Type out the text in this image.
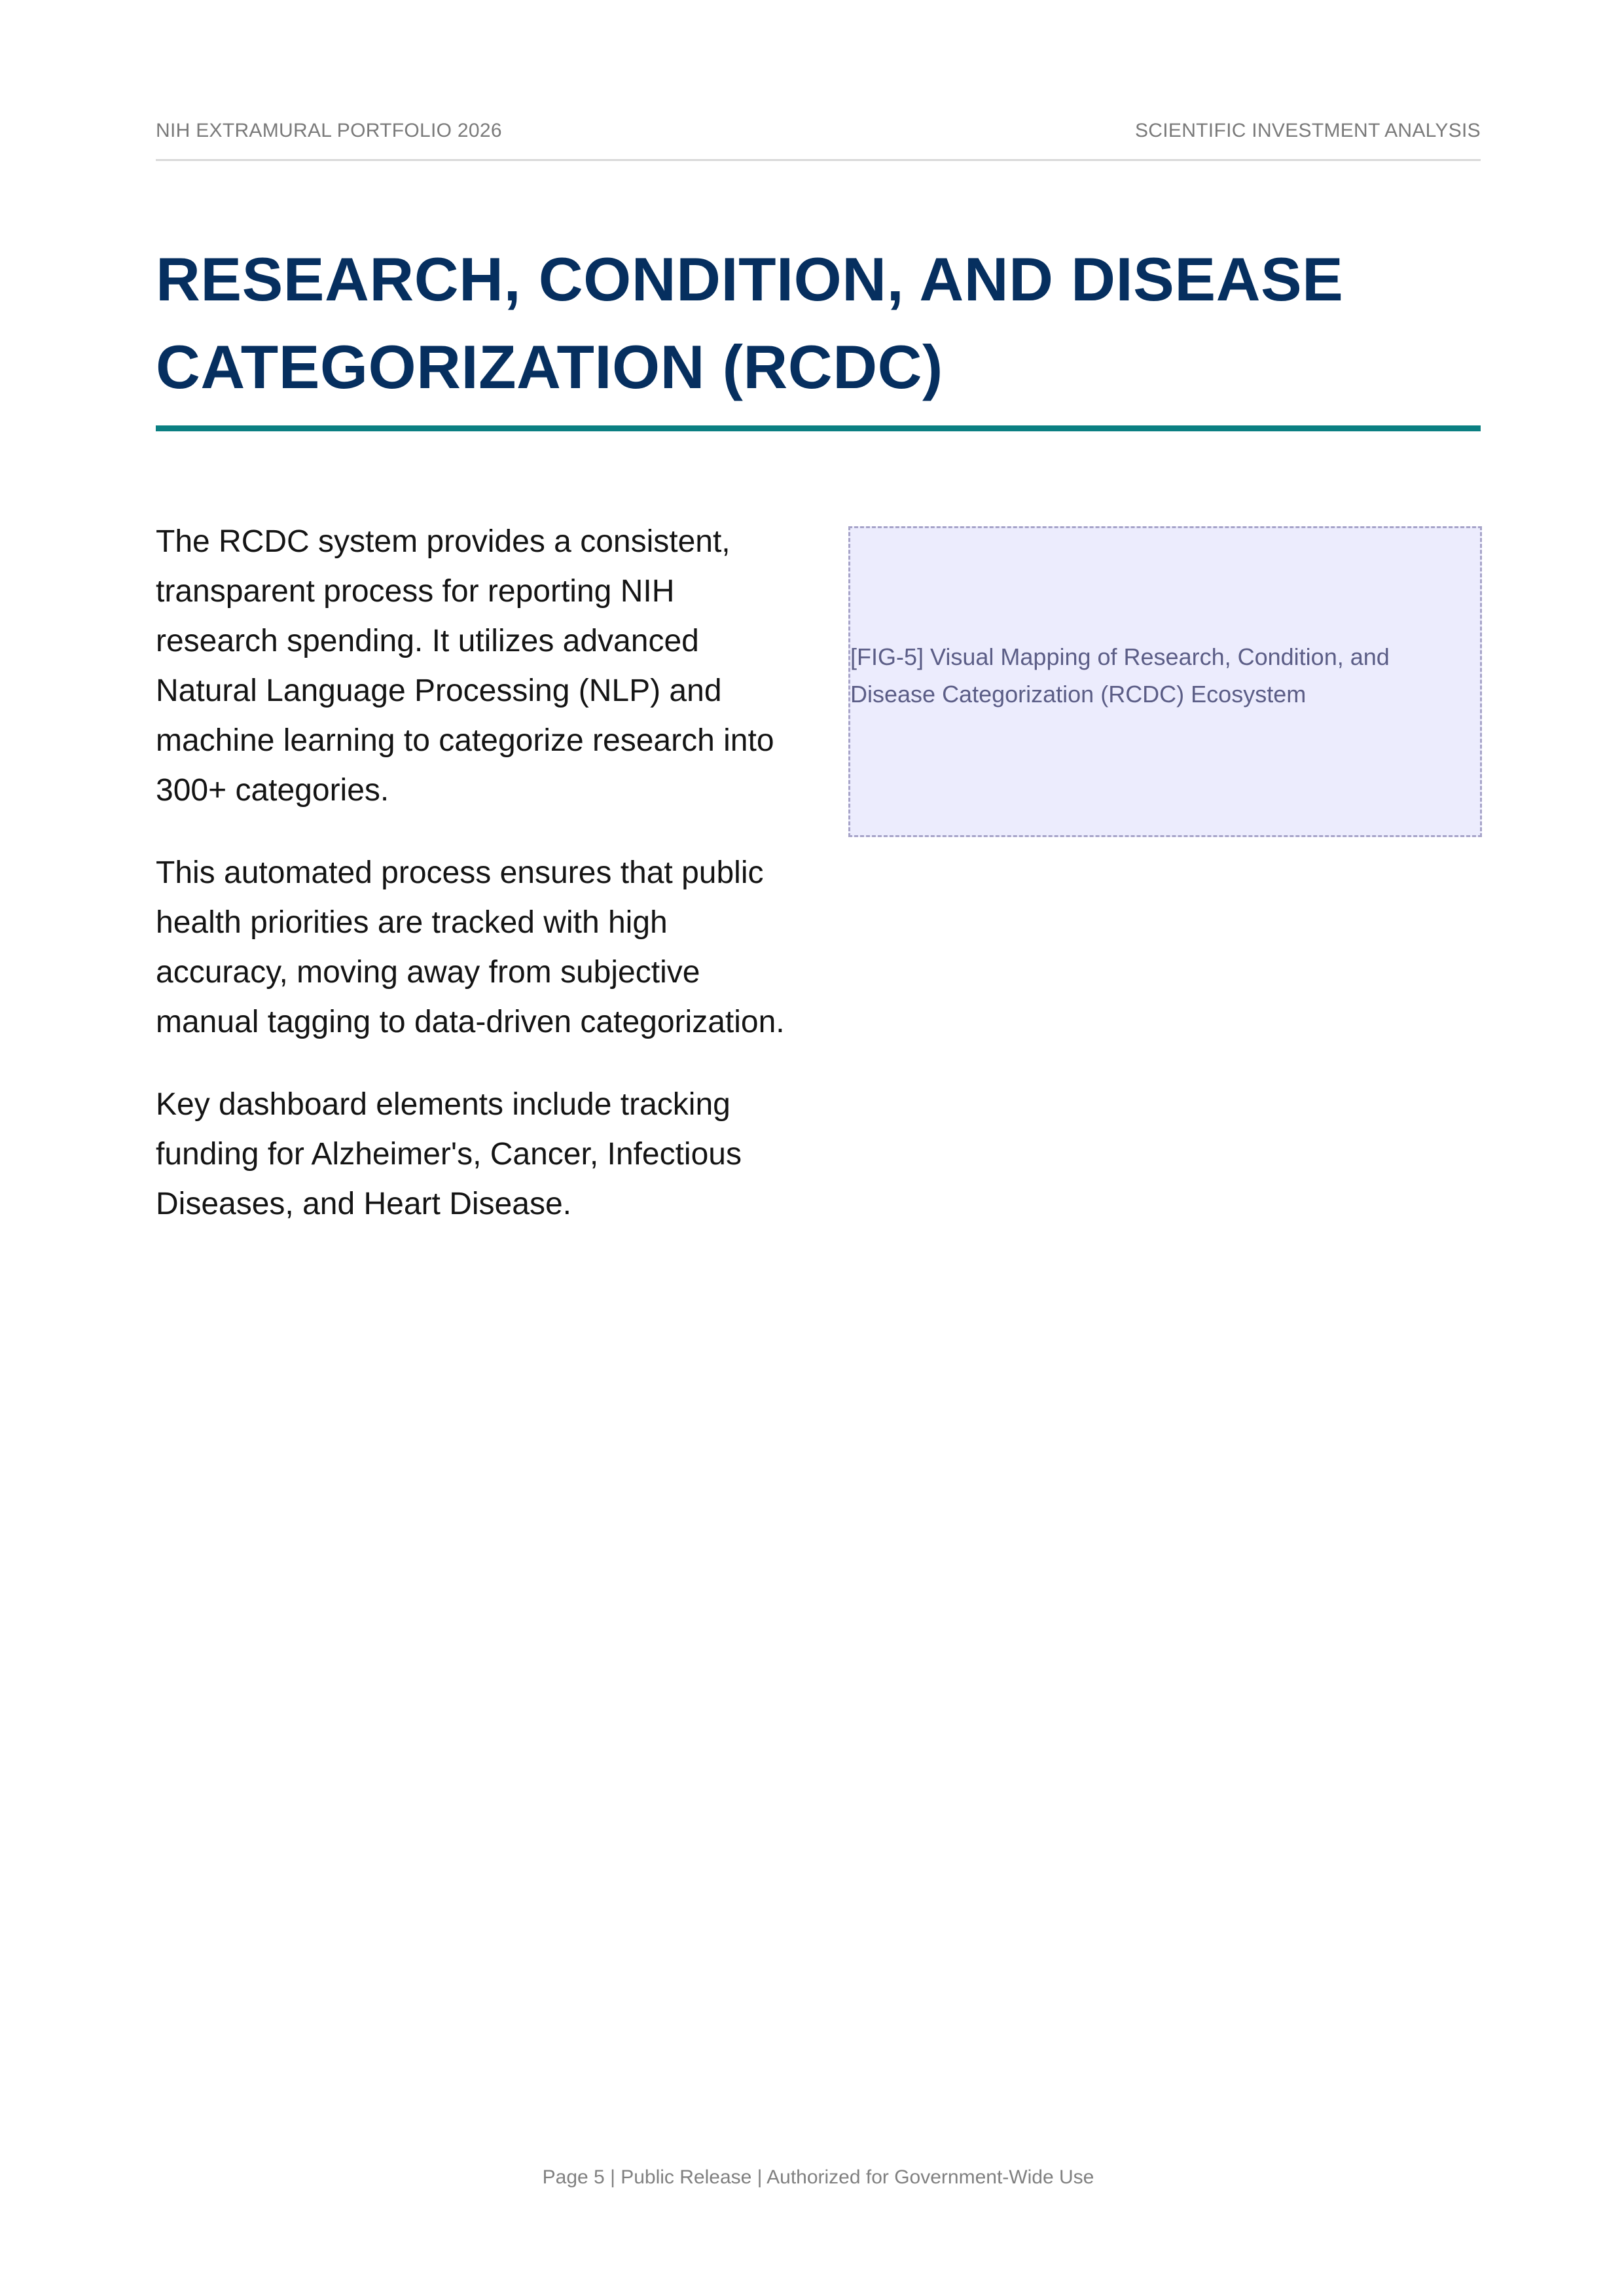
NIH EXTRAMURAL PORTFOLIO 2026	SCIENTIFIC INVESTMENT ANALYSIS
RESEARCH, CONDITION, AND DISEASE
CATEGORIZATION (RCDC)

The RCDC system provides a consistent, transparent process for reporting NIH research spending. It utilizes advanced Natural Language Processing (NLP) and machine learning to categorize research into 300+ categories.

This automated process ensures that public health priorities are tracked with high accuracy, moving away from subjective manual tagging to data-driven categorization.

Key dashboard elements include tracking funding for Alzheimer's, Cancer, Infectious Diseases, and Heart Disease.

[FIG-5] Visual Mapping of Research, Condition, and Disease Categorization (RCDC) Ecosystem
Page 5 | Public Release | Authorized for Government-Wide Use
